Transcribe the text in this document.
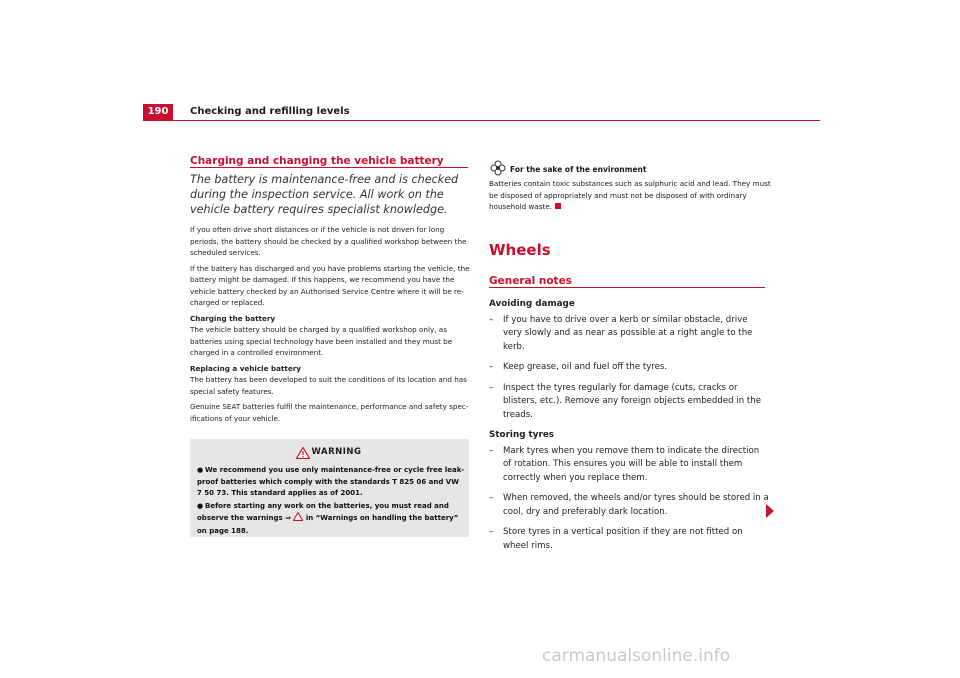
190	Checking and refilling levels
Charging and changing the vehicle battery
The battery is maintenance-free and is checked during the inspection service. All work on the vehicle battery requires specialist knowledge.

If you often drive short distances or if the vehicle is not driven for long periods, the battery should be checked by a qualified workshop between the scheduled services.

If the battery has discharged and you have problems starting the vehicle, the battery might be damaged. If this happens, we recommend you have the vehicle battery checked by an Authorised Service Centre where it will be re-charged or replaced.

Charging the battery

The vehicle battery should be charged by a qualified workshop only, as batteries using special technology have been installed and they must be charged in a controlled environment.

Replacing a vehicle battery

The battery has been developed to suit the conditions of its location and has special safety features.

Genuine SEAT batteries fulfil the maintenance, performance and safety spec-ifications of your vehicle.

WARNING

● We recommend you use only maintenance-free or cycle free leak-proof batteries which comply with the standards T 825 06 and VW 7 50 73. This standard applies as of 2001.

● Before starting any work on the batteries, you must read and observe the warnings ⇒  in “Warnings on handling the battery” on page 188.

For the sake of the environment
Batteries contain toxic substances such as sulphuric acid and lead. They must be disposed of appropriately and must not be disposed of with ordinary household waste.
Wheels
General notes

Avoiding damage

– If you have to drive over a kerb or similar obstacle, drive very slowly and as near as possible at a right angle to the kerb.

– Keep grease, oil and fuel off the tyres.

– Inspect the tyres regularly for damage (cuts, cracks or blisters, etc.). Remove any foreign objects embedded in the treads.

Storing tyres

– Mark tyres when you remove them to indicate the direction of rotation. This ensures you will be able to install them correctly when you replace them.

– When removed, the wheels and/or tyres should be stored in a cool, dry and preferably dark location.

– Store tyres in a vertical position if they are not fitted on wheel rims.

carmanualsonline.info
